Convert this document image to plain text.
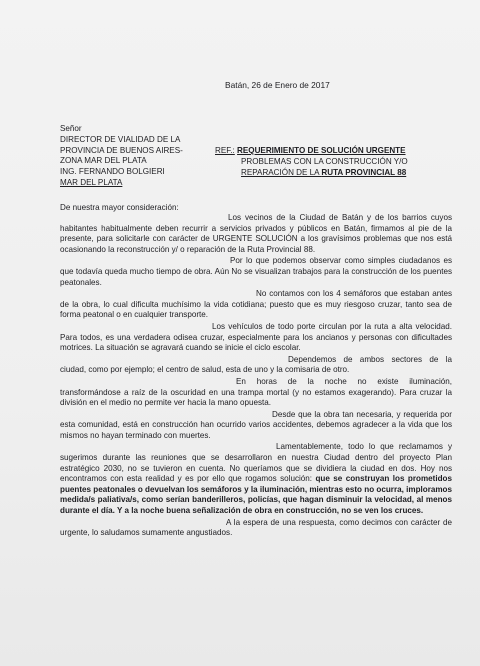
Batán, 26 de Enero de 2017
Señor
DIRECTOR DE VIALIDAD DE LA
PROVINCIA DE BUENOS AIRES-
ZONA MAR DEL PLATA
ING. FERNANDO BOLGIERI
MAR DEL PLATA
REF.: REQUERIMIENTO DE SOLUCIÓN URGENTE
PROBLEMAS CON LA CONSTRUCCIÓN Y/O
REPARACIÓN DE LA RUTA PROVINCIAL 88
De nuestra mayor consideración:

Los vecinos de la Ciudad de Batán y de los barrios cuyos habitantes habitualmente deben recurrir a servicios privados y públicos en Batán, firmamos al pie de la presente, para solicitarle con carácter de URGENTE SOLUCIÓN a los gravísimos problemas que nos está ocasionando la reconstrucción y/ o reparación de la Ruta Provincial 88.

Por lo que podemos observar como simples ciudadanos es que todavía queda mucho tiempo de obra. Aún No se visualizan trabajos para la construcción de los puentes peatonales.

No contamos con los 4 semáforos que estaban antes de la obra, lo cual dificulta muchísimo la vida cotidiana; puesto que es muy riesgoso cruzar, tanto sea de forma peatonal o en cualquier transporte.

Los vehículos de todo porte circulan por la ruta a alta velocidad. Para todos, es una verdadera odisea cruzar, especialmente para los ancianos y personas con dificultades motrices. La situación se agravará cuando se inicie el ciclo escolar.

Dependemos de ambos sectores de la ciudad, como por ejemplo; el centro de salud, esta de uno y la comisaria de otro.

En horas de la noche no existe iluminación, transformándose a raíz de la oscuridad en una trampa mortal (y no estamos exagerando). Para cruzar la división en el medio no permite ver hacia la mano opuesta.

Desde que la obra tan necesaria, y requerida por esta comunidad, está en construcción han ocurrido varios accidentes, debemos agradecer a la vida que los mismos no hayan terminado con muertes.

Lamentablemente, todo lo que reclamamos y sugerimos durante las reuniones que se desarrollaron en nuestra Ciudad dentro del proyecto Plan estratégico 2030, no se tuvieron en cuenta. No queríamos que se dividiera la ciudad en dos. Hoy nos encontramos con esta realidad y es por ello que rogamos solución: que se construyan los prometidos puentes peatonales o devuelvan los semáforos y la iluminación, mientras esto no ocurra, imploramos medida/s paliativa/s, como serían banderilleros, policías, que hagan disminuir la velocidad, al menos durante el día. Y a la noche buena señalización de obra en construcción, no se ven los cruces.

A la espera de una respuesta, como decimos con carácter de urgente, lo saludamos sumamente angustiados.
